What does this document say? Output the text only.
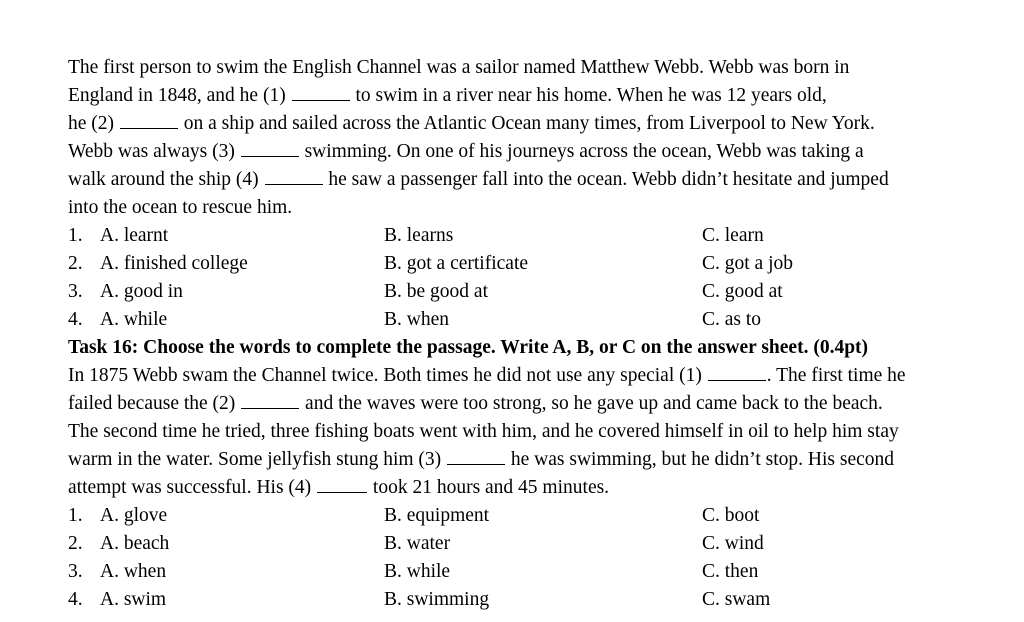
The first person to swim the English Channel was a sailor named Matthew Webb. Webb was born in
England in 1848, and he (1)	to swim in a river near his home. When he was 12 years old,
he (2)	on a ship and sailed across the Atlantic Ocean many times, from Liverpool to New York.
Webb was always (3)	swimming. On one of his journeys across the ocean, Webb was taking a
walk around the ship (4)	he saw a passenger fall into the ocean. Webb didn’t hesitate and jumped
into the ocean to rescue him.
1. A. learnt	B. learns	C. learn
2. A. finished college	B. got a certificate	C. got a job
3. A. good in	B. be good at	C. good at
4. A. while	B. when	C. as to
Task 16: Choose the words to complete the passage. Write A, B, or C on the answer sheet. (0.4pt)
In 1875 Webb swam the Channel twice. Both times he did not use any special (1)	. The first time he
failed because the (2)	and the waves were too strong, so he gave up and came back to the beach.
The second time he tried, three fishing boats went with him, and he covered himself in oil to help him stay
warm in the water. Some jellyfish stung him (3)	he was swimming, but he didn’t stop. His second
attempt was successful. His (4)	took 21 hours and 45 minutes.
1. A. glove	B. equipment	C. boot
2. A. beach	B. water	C. wind
3. A. when	B. while	C. then
4. A. swim	B. swimming	C. swam
